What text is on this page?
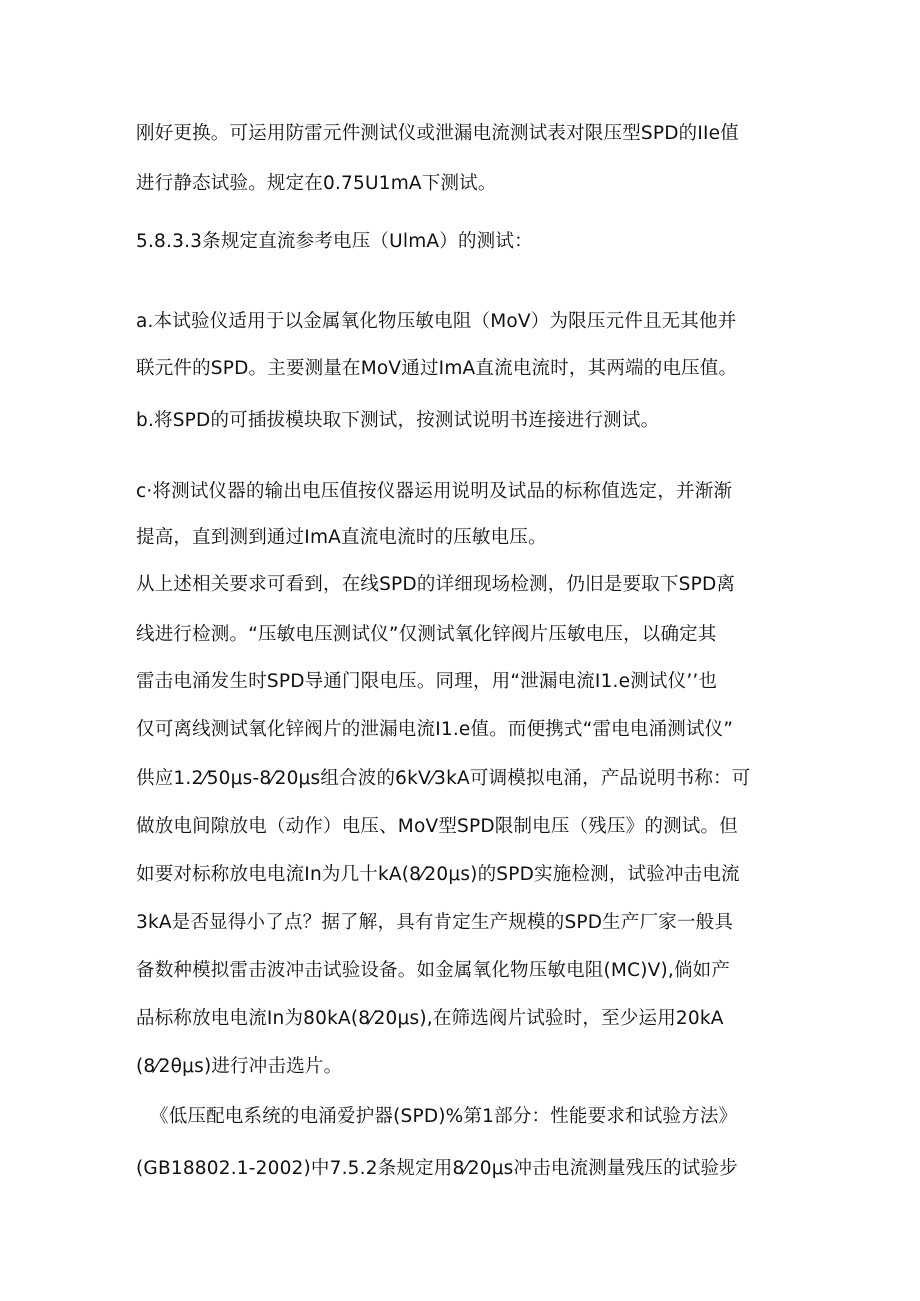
刚好更换。可运用防雷元件测试仪或泄漏电流测试表对限压型SPD的IIe值
进行静态试验。规定在0.75U1mA下测试。
5.8.3.3条规定直流参考电压（UlmA）的测试：
a.本试验仪适用于以金属氧化物压敏电阻（MoV）为限压元件且无其他并
联元件的SPD。主要测量在MoV通过ImA直流电流时，其两端的电压值。
b.将SPD的可插拔模块取下测试，按测试说明书连接进行测试。
c·将测试仪器的输出电压值按仪器运用说明及试品的标称值选定，并渐渐
提高，直到测到通过ImA直流电流时的压敏电压。
从上述相关要求可看到，在线SPD的详细现场检测，仍旧是要取下SPD离
线进行检测。“压敏电压测试仪”仅测试氧化锌阀片压敏电压，以确定其
雷击电涌发生时SPD导通门限电压。同理，用“泄漏电流I1.e测试仪’’也
仅可离线测试氧化锌阀片的泄漏电流I1.e值。而便携式“雷电电涌测试仪”
供应1.2⁄50μs-8⁄20μs组合波的6kV⁄3kA可调模拟电涌，产品说明书称：可
做放电间隙放电（动作）电压、MoV型SPD限制电压（残压》的测试。但
如要对标称放电电流In为几十kA(8⁄20μs)的SPD实施检测，试验冲击电流
3kA是否显得小了点？据了解，具有肯定生产规模的SPD生产厂家一般具
备数种模拟雷击波冲击试验设备。如金属氧化物压敏电阻(MC)V),倘如产
品标称放电电流In为80kA(8⁄20μs),在筛选阀片试验时，至少运用20kA
(8⁄2θμs)进行冲击选片。
《低压配电系统的电涌爱护器(SPD)%第1部分：性能要求和试验方法》
(GB18802.1-2002)中7.5.2条规定用8⁄20μs冲击电流测量残压的试验步
